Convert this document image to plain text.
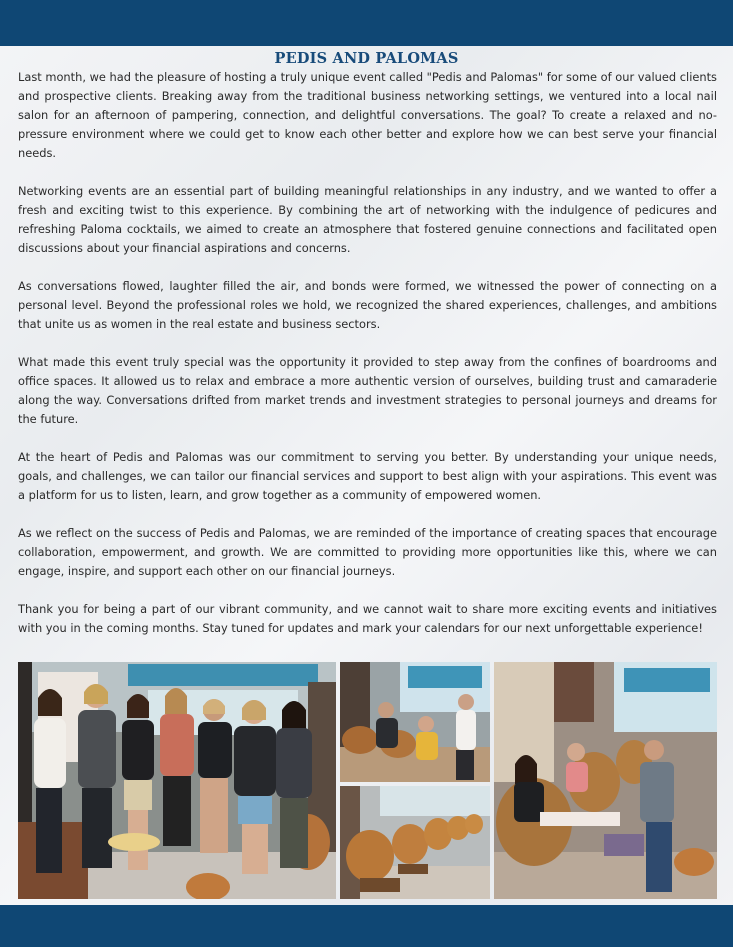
PEDIS AND PALOMAS

Last month, we had the pleasure of hosting a truly unique event called "Pedis and Palomas" for some of our valued clients and prospective clients. Breaking away from the traditional business networking settings, we ventured into a local nail salon for an afternoon of pampering, connection, and delightful conversations. The goal? To create a relaxed and no-pressure environment where we could get to know each other better and explore how we can best serve your financial needs.

Networking events are an essential part of building meaningful relationships in any industry, and we wanted to offer a fresh and exciting twist to this experience. By combining the art of networking with the indulgence of pedicures and refreshing Paloma cocktails, we aimed to create an atmosphere that fostered genuine connections and facilitated open discussions about your financial aspirations and concerns.

As conversations flowed, laughter filled the air, and bonds were formed, we witnessed the power of connecting on a personal level. Beyond the professional roles we hold, we recognized the shared experiences, challenges, and ambitions that unite us as women in the real estate and business sectors.

What made this event truly special was the opportunity it provided to step away from the confines of boardrooms and office spaces. It allowed us to relax and embrace a more authentic version of ourselves, building trust and camaraderie along the way. Conversations drifted from market trends and investment strategies to personal journeys and dreams for the future.

At the heart of Pedis and Palomas was our commitment to serving you better. By understanding your unique needs, goals, and challenges, we can tailor our financial services and support to best align with your aspirations. This event was a platform for us to listen, learn, and grow together as a community of empowered women.

As we reflect on the success of Pedis and Palomas, we are reminded of the importance of creating spaces that encourage collaboration, empowerment, and growth. We are committed to providing more opportunities like this, where we can engage, inspire, and support each other on our financial journeys.

Thank you for being a part of our vibrant community, and we cannot wait to share more exciting events and initiatives with you in the coming months. Stay tuned for updates and mark your calendars for our next unforgettable experience!
